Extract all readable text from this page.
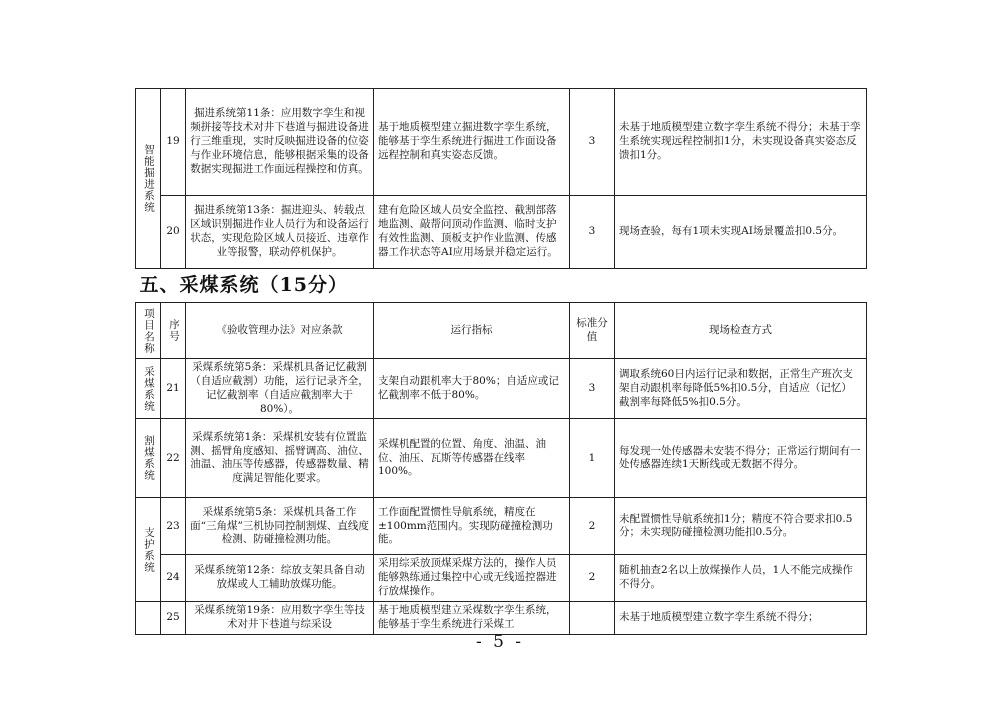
智能掘进系统	19	掘进系统第11条：应用数字孪生和视频拼接等技术对井下巷道与掘进设备进行三维重现，实时反映掘进设备的位姿与作业环境信息，能够根据采集的设备数据实现掘进工作面远程操控和仿真。	基于地质模型建立掘进数字孪生系统，能够基于孪生系统进行掘进工作面设备远程控制和真实姿态反馈。	3	未基于地质模型建立数字孪生系统不得分；未基于孪生系统实现远程控制扣1分，未实现设备真实姿态反馈扣1分。
	20	掘进系统第13条：掘进迎头、转载点区域识别掘进作业人员行为和设备运行状态，实现危险区域人员接近、违章作业等报警，联动停机保护。	建有危险区域人员安全监控、截割部落地监测、敲帮问顶动作监测、临时支护有效性监测、顶板支护作业监测、传感器工作状态等AI应用场景并稳定运行。	3	现场查验，每有1项未实现AI场景覆盖扣0.5分。
五、采煤系统（15分）					
项目名称	序号	《验收管理办法》对应条款	运行指标	标准分值	现场检查方式
采煤系统	21	采煤系统第5条：采煤机具备记忆截割（自适应截割）功能，运行记录齐全，记忆截割率（自适应截割率大于80%）。	支架自动跟机率大于80%；自适应或记忆截割率不低于80%。	3	调取系统60日内运行记录和数据，正常生产班次支架自动跟机率每降低5%扣0.5分，自适应（记忆）截割率每降低5%扣0.5分。
割煤系统	22	采煤系统第1条：采煤机安装有位置监测、摇臂角度感知、摇臂调高、油位、油温、油压等传感器，传感器数量、精度满足智能化要求。	采煤机配置的位置、角度、油温、油位、油压、瓦斯等传感器在线率100%。	1	每发现一处传感器未安装不得分；正常运行期间有一处传感器连续1天断线或无数据不得分。
支护系统	23	采煤系统第5条：采煤机具备工作面“三角煤”三机协同控制割煤、直线度检测、防碰撞检测功能。	工作面配置惯性导航系统，精度在±100mm范围内。实现防碰撞检测功能。	2	未配置惯性导航系统扣1分；精度不符合要求扣0.5分；未实现防碰撞检测功能扣0.5分。
	24	采煤系统第12条：综放支架具备自动放煤或人工辅助放煤功能。	采用综采放顶煤采煤方法的，操作人员能够熟练通过集控中心或无线遥控器进行放煤操作。	2	随机抽查2名以上放煤操作人员，1人不能完成操作不得分。
	25	采煤系统第19条：应用数字孪生等技术对井下巷道与综采设	基于地质模型建立采煤数字孪生系统，能够基于孪生系统进行采煤工		未基于地质模型建立数字孪生系统不得分；
- 5 -
